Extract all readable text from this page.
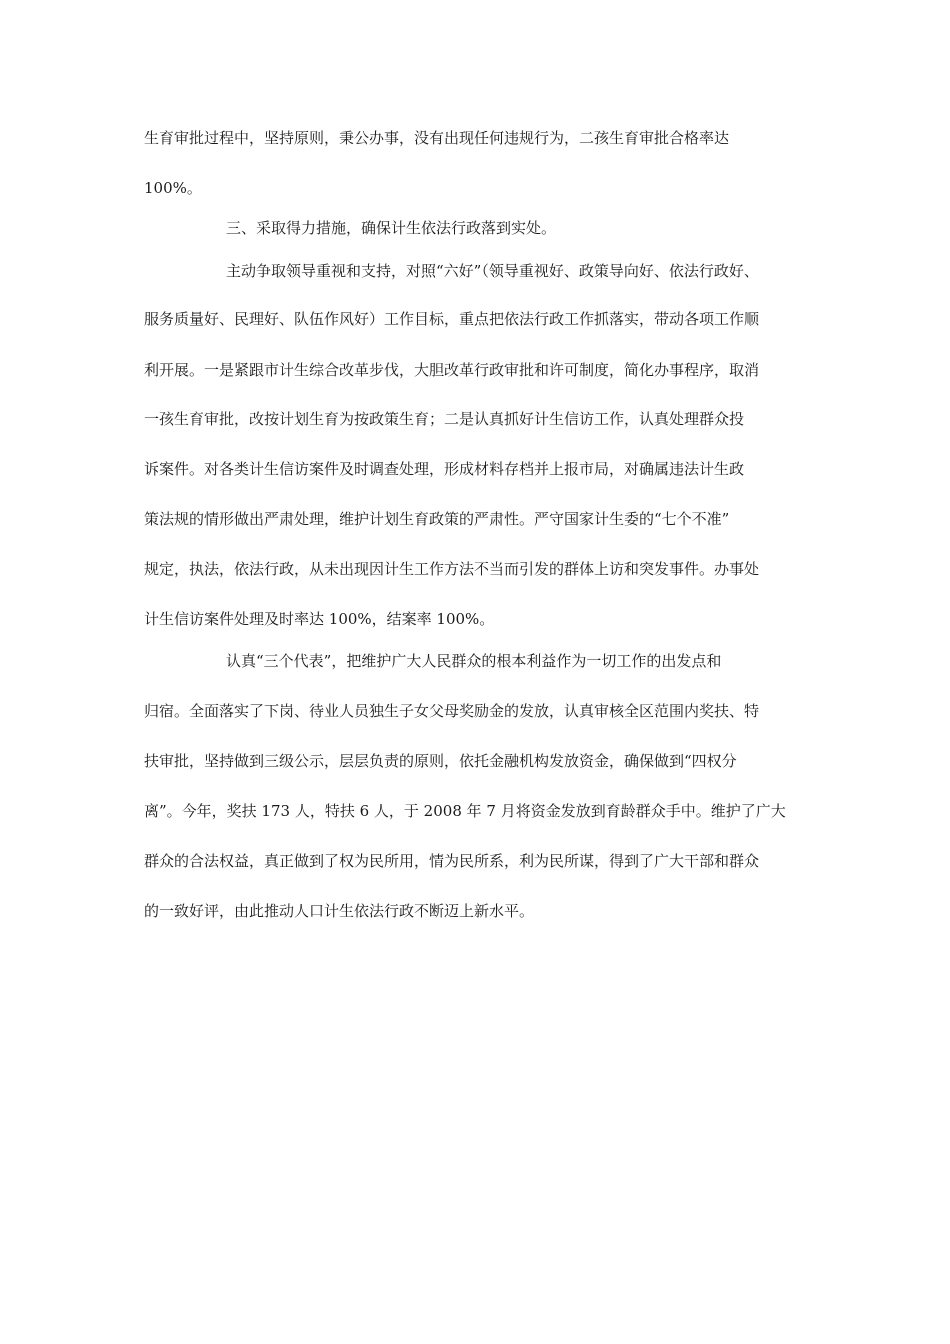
生育审批过程中，坚持原则，秉公办事，没有出现任何违规行为，二孩生育审批合格率达
100%。
三、采取得力措施，确保计生依法行政落到实处。
主动争取领导重视和支持，对照“六好”（领导重视好、政策导向好、依法行政好、
服务质量好、民理好、队伍作风好）工作目标，重点把依法行政工作抓落实，带动各项工作顺
利开展。一是紧跟市计生综合改革步伐，大胆改革行政审批和许可制度，简化办事程序，取消
一孩生育审批，改按计划生育为按政策生育；二是认真抓好计生信访工作，认真处理群众投
诉案件。对各类计生信访案件及时调查处理，形成材料存档并上报市局，对确属违法计生政
策法规的情形做出严肃处理，维护计划生育政策的严肃性。严守国家计生委的“七个不准”
规定，执法，依法行政，从未出现因计生工作方法不当而引发的群体上访和突发事件。办事处
计生信访案件处理及时率达 100%，结案率 100%。
认真“三个代表”，把维护广大人民群众的根本利益作为一切工作的出发点和
归宿。全面落实了下岗、待业人员独生子女父母奖励金的发放，认真审核全区范围内奖扶、特
扶审批，坚持做到三级公示，层层负责的原则，依托金融机构发放资金，确保做到“四权分
离”。今年，奖扶 173 人，特扶 6 人，于 2008 年 7 月将资金发放到育龄群众手中。维护了广大
群众的合法权益，真正做到了权为民所用，情为民所系，利为民所谋，得到了广大干部和群众
的一致好评，由此推动人口计生依法行政不断迈上新水平。
